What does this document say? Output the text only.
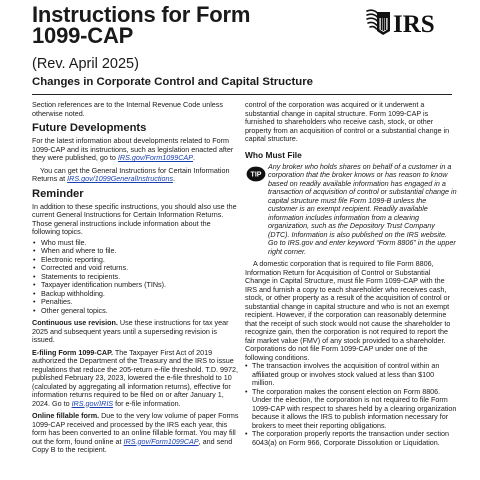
Instructions for Form
1099-CAP
(Rev. April 2025)
Changes in Corporate Control and Capital Structure
IRS

Section references are to the Internal Revenue Code unless otherwise noted.

Future Developments

For the latest information about developments related to Form 1099-CAP and its instructions, such as legislation enacted after they were published, go to IRS.gov/Form1099CAP.

You can get the General Instructions for Certain Information Returns at IRS.gov/1099GeneralInstructions.

Reminder

In addition to these specific instructions, you should also use the current General Instructions for Certain Information Returns. Those general instructions include information about the following topics.

• Who must file.
• When and where to file.
• Electronic reporting.
• Corrected and void returns.
• Statements to recipients.
• Taxpayer identification numbers (TINs).
• Backup withholding.
• Penalties.
• Other general topics.

Continuous use revision. Use these instructions for tax year 2025 and subsequent years until a superseding revision is issued.

E-filing Form 1099-CAP. The Taxpayer First Act of 2019 authorized the Department of the Treasury and the IRS to issue regulations that reduce the 205-return e-file threshold. T.D. 9972, published February 23, 2023, lowered the e-file threshold to 10 (calculated by aggregating all information returns), effective for information returns required to be filed on or after January 1, 2024. Go to IRS.gov/IRIS for e-file information.

Online fillable form. Due to the very low volume of paper Forms 1099-CAP received and processed by the IRS each year, this form has been converted to an online fillable format. You may fill out the form, found online at IRS.gov/Form1099CAP, and send Copy B to the recipient.

control of the corporation was acquired or it underwent a substantial change in capital structure. Form 1099-CAP is furnished to shareholders who receive cash, stock, or other property from an acquisition of control or a substantial change in capital structure.

Who Must File
TIP

Any broker who holds shares on behalf of a customer in a corporation that the broker knows or has reason to know based on readily available information has engaged in a transaction of acquisition of control or substantial change in capital structure must file Form 1099-B unless the customer is an exempt recipient. Readily available information includes information from a clearing organization, such as the Depository Trust Company (DTC). Information is also published on the IRS website. Go to IRS.gov and enter keyword “Form 8806” in the upper right corner.

A domestic corporation that is required to file Form 8806, Information Return for Acquisition of Control or Substantial Change in Capital Structure, must file Form 1099-CAP with the IRS and furnish a copy to each shareholder who receives cash, stock, or other property as a result of the acquisition of control or substantial change in capital structure and who is not an exempt recipient. However, if the corporation can reasonably determine that the receipt of such stock would not cause the shareholder to recognize gain, then the corporation is not required to report the fair market value (FMV) of any stock provided to a shareholder. Corporations do not file Form 1099-CAP under one of the following conditions.

• The transaction involves the acquisition of control within an affiliated group or involves stock valued at less than $100 million.

• The corporation makes the consent election on Form 8806. Under the election, the corporation is not required to file Form 1099-CAP with respect to shares held by a clearing organization because it allows the IRS to publish information necessary for brokers to meet their reporting obligations.

• The corporation properly reports the transaction under section 6043(a) on Form 966, Corporate Dissolution or Liquidation.
